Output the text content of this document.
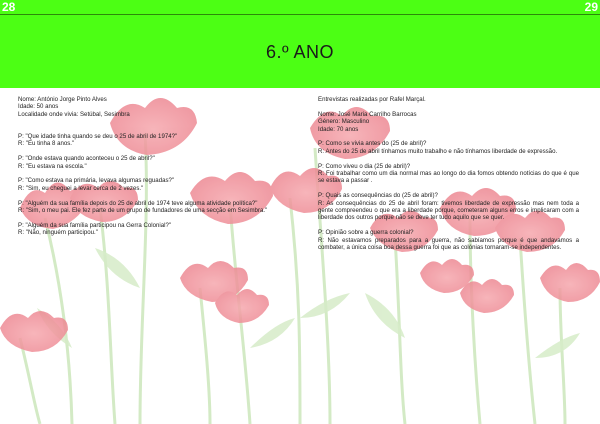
6.º ANO
28	29

Nome: António Jorge Pinto Alves

Idade: 50 anos

Localidade onde vivia: Setúbal, Sesimbra

P: "Que idade tinha quando se deu o 25 de abril de 1974?"

R: "Eu tinha 8 anos."

P: "Onde estava quando aconteceu o 25 de abril?"

R: "Eu estava na escola."

P: "Como estava na primária, levava algumas reguadas?"

R: "Sim, eu cheguei a levar cerca de 2 vezes."

P: "Alguém da sua família depois do 25 de abril de 1974 teve alguma atividade política?"

R: "Sim, o meu pai. Ele fez parte de um grupo de fundadores de uma secção em Sesimbra."

P: "Alguém da sua família participou na Gerra Colonial?"

R: "Não, ninguém participou."

Entrevistas realizadas por Rafel Marçal.

Nome: José Maria Carrilho Barrocas

Género: Masculino

Idade: 70 anos

P: Como se vivia antes do (25 de abril)?

R: Antes do 25 de abril tínhamos muito trabalho e não tínhamos liberdade de expressão.

P: Como viveu o dia (25 de abril)?

R: Foi trabalhar como um dia normal mas ao longo do dia fomos obtendo notícias do que é que se estava a passar .

P: Quais as consequências do (25 de abril)?

R: As consequências do 25 de abril foram: tivemos liberdade de expressão mas nem toda a gente compreendeu o que era a liberdade porque, cometeram alguns erros e implicaram com a liberdade dos outros porque não se deve ter tudo aquilo que se quer.

P: Opinião sobre a guerra colonial?

R: Não estavamos preparados para a guerra, não sabíamos porque é que andavamos a combater, a única coisa boa dessa guerra foi que as colónias tornaram-se independentes.
